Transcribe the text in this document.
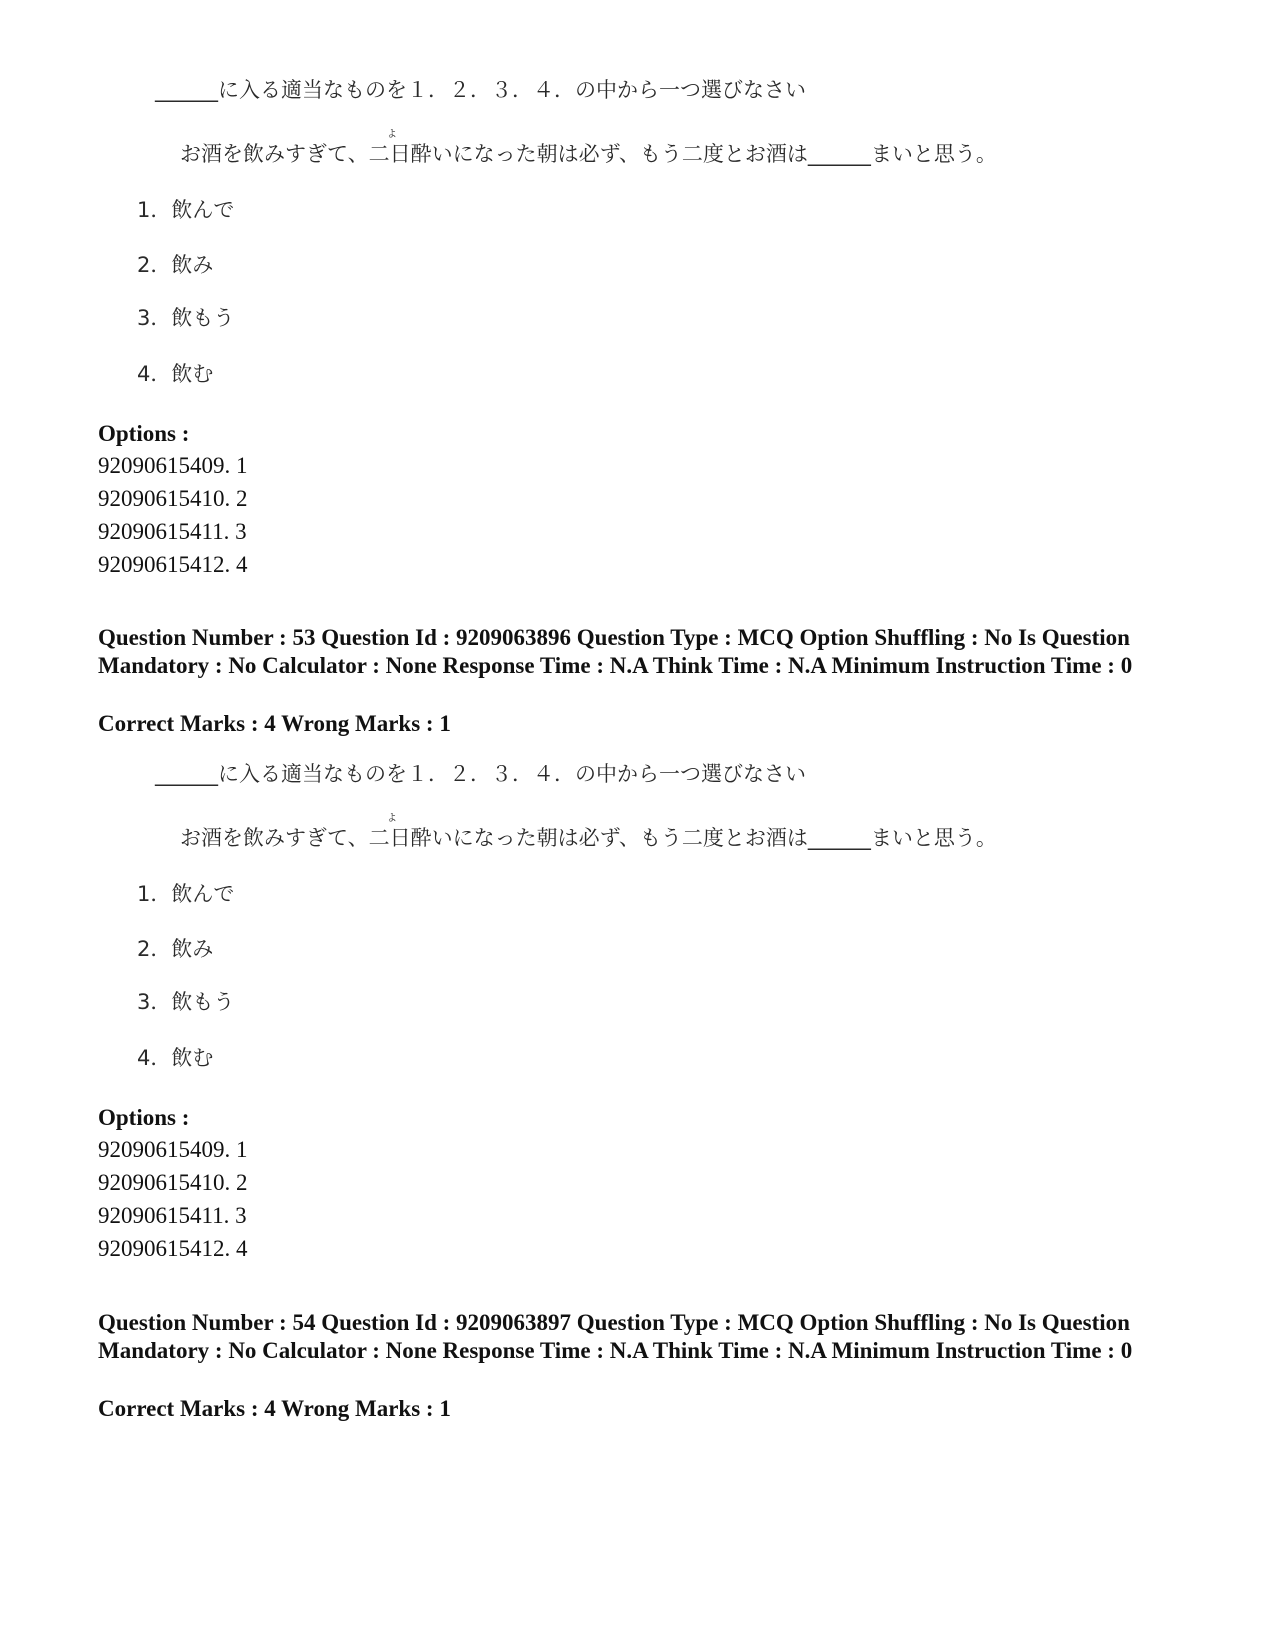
______に入る適当なものを１．２．３．４．の中から一つ選びなさい
よ
お酒を飲みすぎて、二日酔いになった朝は必ず、もう二度とお酒は______まいと思う。
1．飲んで
2．飲み
3．飲もう
4．飲む
Options :
92090615409. 1
92090615410. 2
92090615411. 3
92090615412. 4
Question Number : 53 Question Id : 9209063896 Question Type : MCQ Option Shuffling : No Is Question Mandatory : No Calculator : None Response Time : N.A Think Time : N.A Minimum Instruction Time : 0
Correct Marks : 4 Wrong Marks : 1
______に入る適当なものを１．２．３．４．の中から一つ選びなさい
よ
お酒を飲みすぎて、二日酔いになった朝は必ず、もう二度とお酒は______まいと思う。
1．飲んで
2．飲み
3．飲もう
4．飲む
Options :
92090615409. 1
92090615410. 2
92090615411. 3
92090615412. 4
Question Number : 54 Question Id : 9209063897 Question Type : MCQ Option Shuffling : No Is Question Mandatory : No Calculator : None Response Time : N.A Think Time : N.A Minimum Instruction Time : 0
Correct Marks : 4 Wrong Marks : 1
